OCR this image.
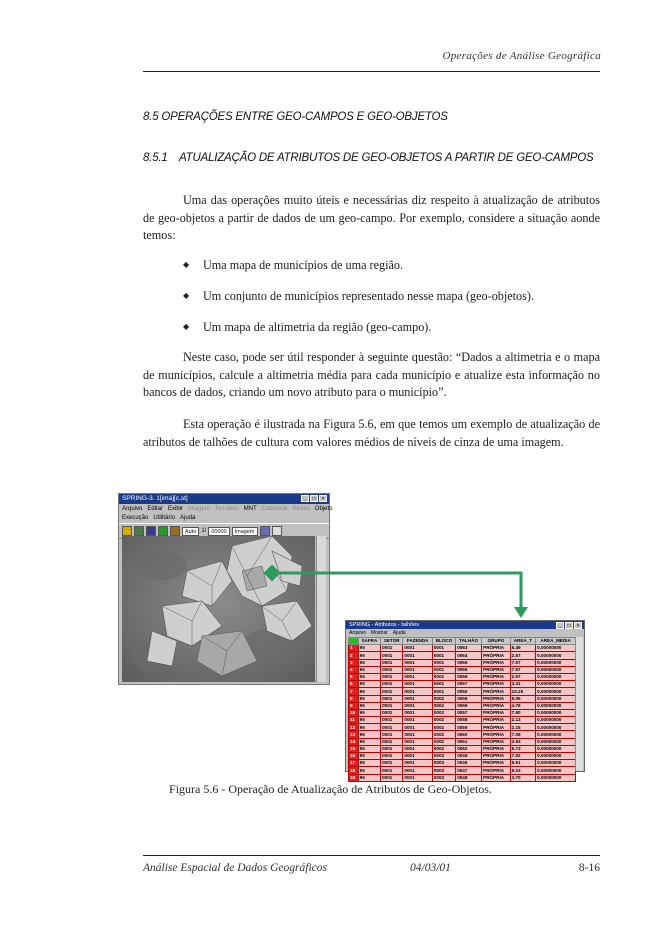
Operações de Análise Geográfica
8.5 OPERAÇÕES ENTRE GEO-CAMPOS E GEO-OBJETOS
8.5.1 ATUALIZAÇÃO DE ATRIBUTOS DE GEO-OBJETOS A PARTIR DE GEO-CAMPOS

Uma das operações muito úteis e necessárias diz respeito à atualização de atributos de geo-objetos a partir de dados de um geo-campo. Por exemplo, considere a situação aonde temos:

◆ Uma mapa de municípios de uma região.
◆ Um conjunto de municípios representado nesse mapa (geo-objetos).
◆ Um mapa de altimetria da região (geo-campo).

Neste caso, pode ser útil responder à seguinte questão: “Dados a altimetria e o mapa de municípios, calcule a altimetria média para cada município e atualize esta informação no bancos de dados, criando um novo atributo para o município”.

Esta operação é ilustrada na Figura 5.6, em que temos um exemplo de atualização de atributos de talhões de cultura com valores médios de níveis de cinza de uma imagem.

SPRING-3. 1[ima][c.st]	_	□	×
Arquivo Editar Exibir Imagem Temático MNT Cadastral Redes Objeto
Execução Utilitário Ajuda
Auto 1/ 00000	Imagem
SPRING - Atributos - talhões	_	□	×
Arquivo Mostrar Ajuda
	SAFRA	SETOR	FAZENDA	BLOCO	TALHÃO	GRUPO	AREA_T	AREA_MEDIA
1	95	0001	0001	0001	0063	PRÓPRIA	5.49	0.00000000
2	95	0001	0001	0001	0064	PRÓPRIA	2.57	0.00000000
3	95	0001	0001	0001	0065	PRÓPRIA	7.67	0.00000000
4	95	0001	0001	0001	0055	PRÓPRIA	7.57	0.00000000
5	95	0001	0001	0001	0056	PRÓPRIA	2.57	0.00000000
6	95	0001	0001	0001	0057	PRÓPRIA	4.31	0.00000000
7	95	0001	0001	0001	0050	PRÓPRIA	10.25	0.00000000
8	95	0001	0001	0002	0055	PRÓPRIA	5.05	0.00000000
9	95	0001	0001	0002	0056	PRÓPRIA	4.76	0.00000000
10	95	0001	0001	0002	0057	PRÓPRIA	7.90	0.00000000
11	95	0001	0001	0002	0058	PRÓPRIA	2.13	0.00000000
12	95	0001	0001	0002	0059	PRÓPRIA	2.15	0.00000000
13	95	0001	0001	0002	0060	PRÓPRIA	7.08	0.00000000
14	95	0001	0001	0002	0061	PRÓPRIA	3.93	0.00000000
15	95	0001	0001	0002	0062	PRÓPRIA	5.73	0.00000000
16	95	0001	0001	0003	0045	PRÓPRIA	7.02	0.00000000
17	95	0001	0001	0003	0046	PRÓPRIA	5.61	0.00000000
18	95	0001	0001	0003	0047	PRÓPRIA	5.03	0.00000000
19	95	0001	0001	0003	0048	PRÓPRIA	3.70	0.00000000
Figura 5.6 - Operação de Atualização de Atributos de Geo-Objetos.
Análise Espacial de Dados Geográficos	04/03/01	8-16
